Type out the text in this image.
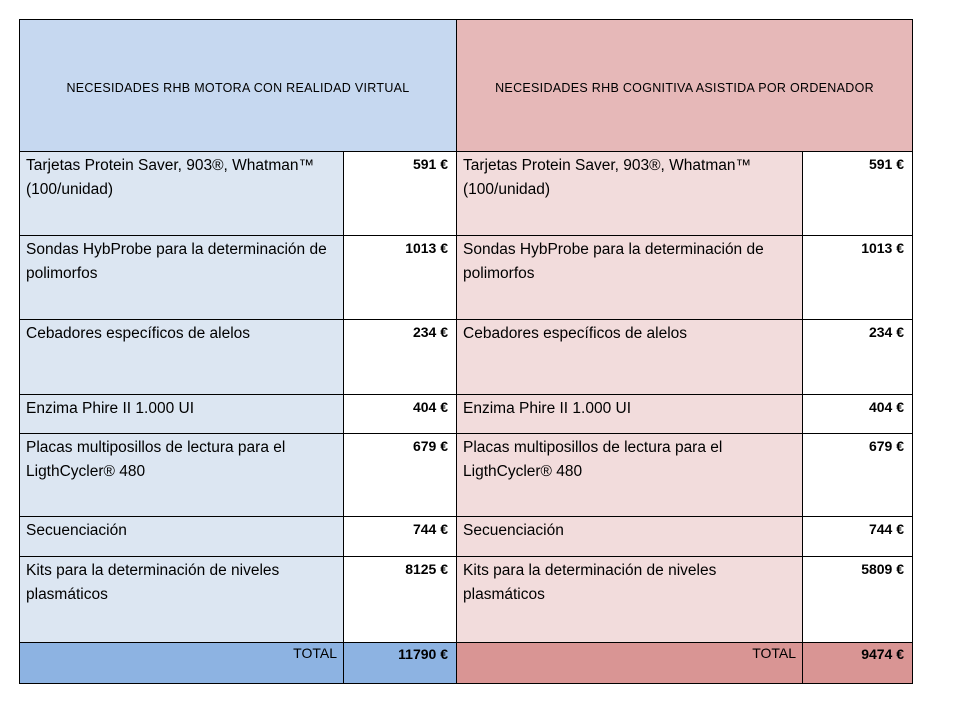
NECESIDADES RHB MOTORA CON REALIDAD VIRTUAL		NECESIDADES RHB COGNITIVA ASISTIDA POR ORDENADOR	
Tarjetas Protein Saver, 903®, Whatman™ (100/unidad)	591 €	Tarjetas Protein Saver, 903®, Whatman™ (100/unidad)	591 €
Sondas HybProbe para la determinación de polimorfos	1013 €	Sondas HybProbe para la determinación de polimorfos	1013 €
Cebadores específicos de alelos	234 €	Cebadores específicos de alelos	234 €
Enzima Phire II 1.000 UI	404 €	Enzima Phire II 1.000 UI	404 €
Placas multiposillos de lectura para el LigthCycler® 480	679 €	Placas multiposillos de lectura para el LigthCycler® 480	679 €
Secuenciación	744 €	Secuenciación	744 €
Kits para la determinación de niveles plasmáticos	8125 €	Kits para la determinación de niveles plasmáticos	5809 €
TOTAL	11790 €	TOTAL	9474 €
